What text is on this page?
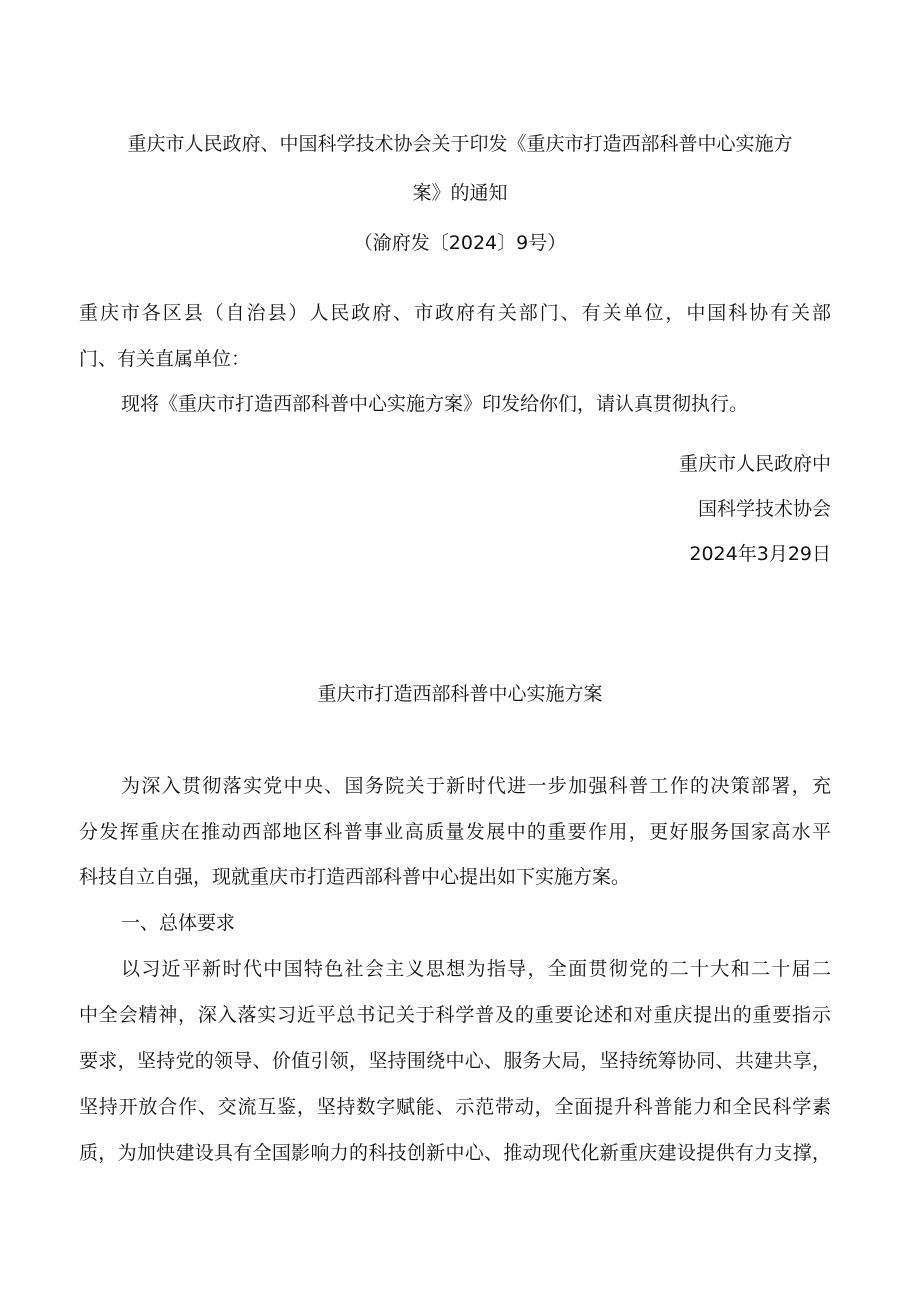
重庆市人民政府、中国科学技术协会关于印发《重庆市打造西部科普中心实施方
案》的通知
（渝府发〔2024〕9号）
重庆市各区县（自治县）人民政府、市政府有关部门、有关单位，中国科协有关部
门、有关直属单位：
现将《重庆市打造西部科普中心实施方案》印发给你们，请认真贯彻执行。
重庆市人民政府中
国科学技术协会
2024年3月29日
重庆市打造西部科普中心实施方案
为深入贯彻落实党中央、国务院关于新时代进一步加强科普工作的决策部署，充
分发挥重庆在推动西部地区科普事业高质量发展中的重要作用，更好服务国家高水平
科技自立自强，现就重庆市打造西部科普中心提出如下实施方案。
一、总体要求
以习近平新时代中国特色社会主义思想为指导，全面贯彻党的二十大和二十届二
中全会精神，深入落实习近平总书记关于科学普及的重要论述和对重庆提出的重要指示
要求，坚持党的领导、价值引领，坚持围绕中心、服务大局，坚持统筹协同、共建共享，
坚持开放合作、交流互鉴，坚持数字赋能、示范带动，全面提升科普能力和全民科学素
质，为加快建设具有全国影响力的科技创新中心、推动现代化新重庆建设提供有力支撑，
